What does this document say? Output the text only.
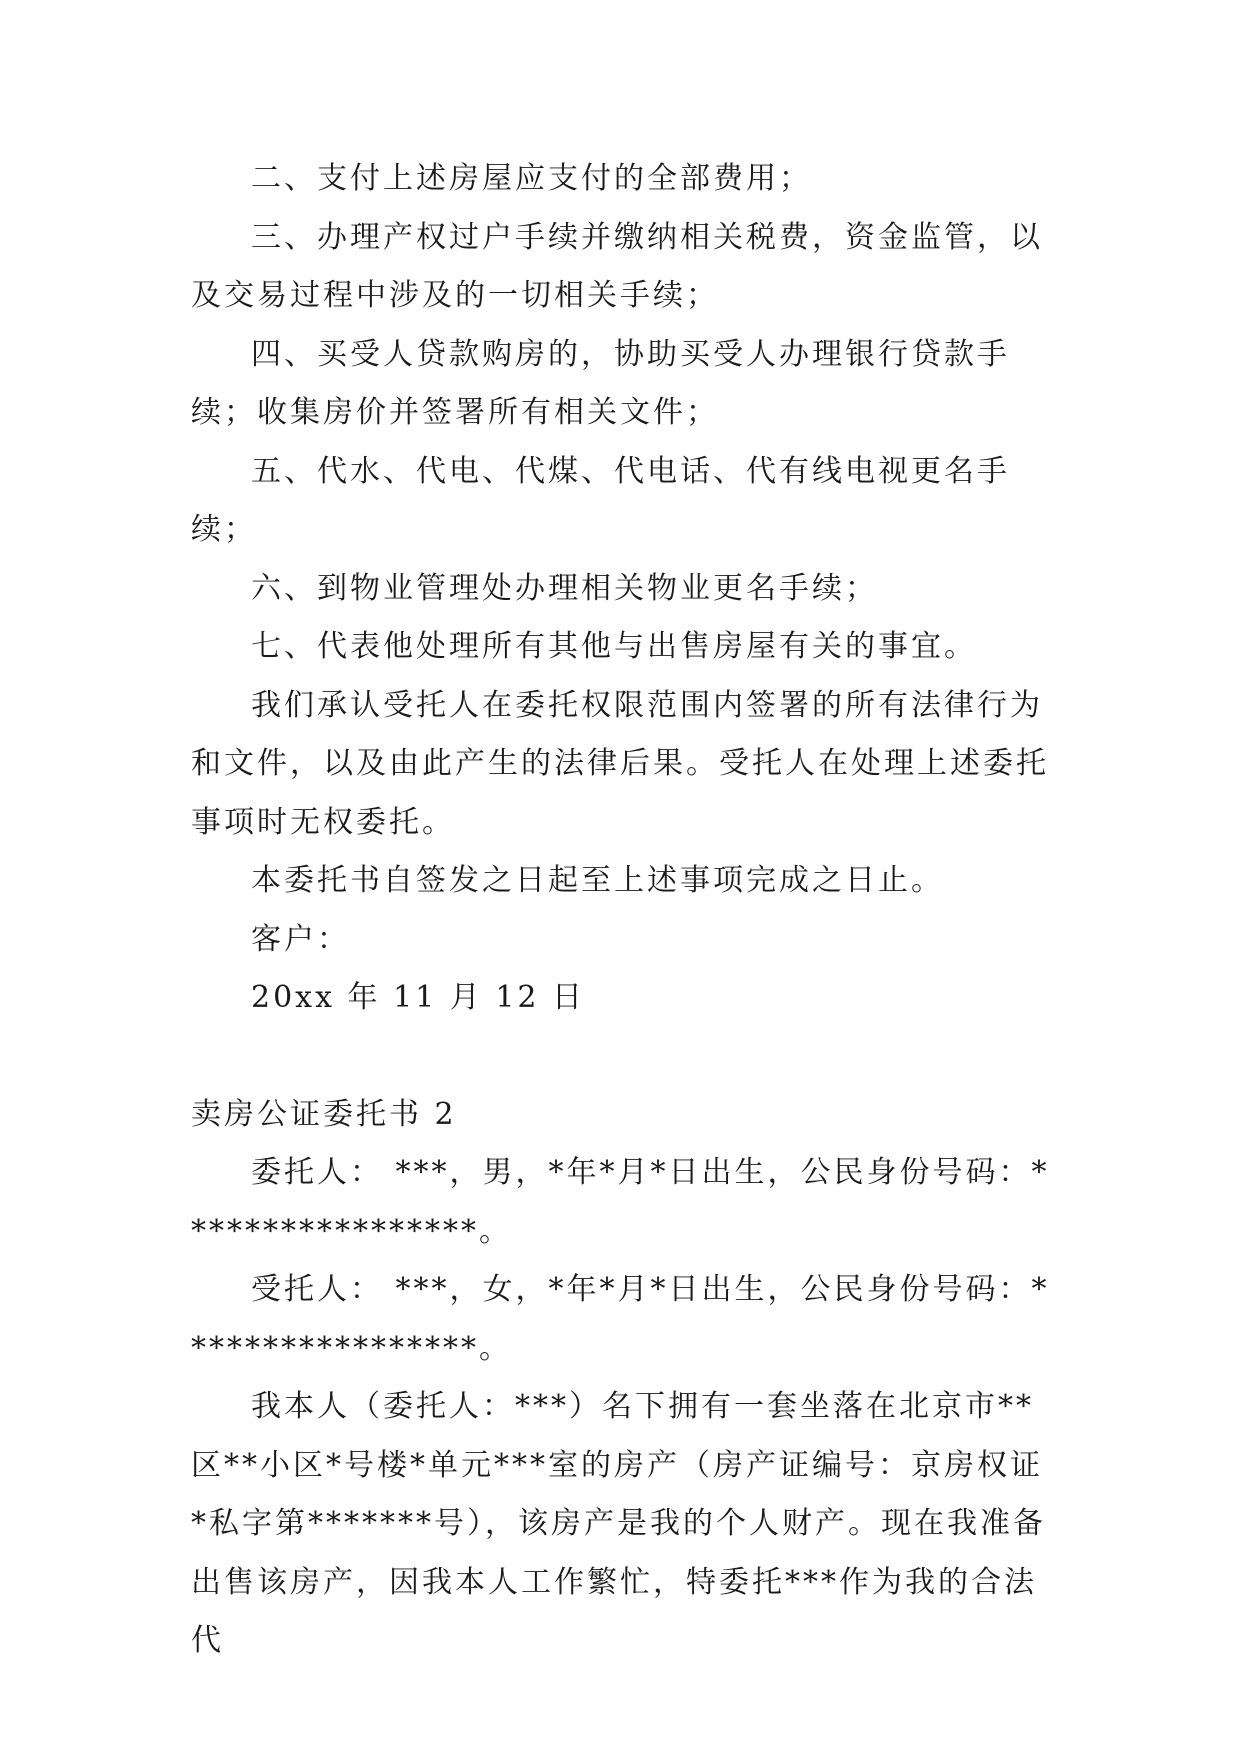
二、支付上述房屋应支付的全部费用；

三、办理产权过户手续并缴纳相关税费，资金监管，以及交易过程中涉及的一切相关手续；

四、买受人贷款购房的，协助买受人办理银行贷款手续；收集房价并签署所有相关文件；

五、代水、代电、代煤、代电话、代有线电视更名手续；

六、到物业管理处办理相关物业更名手续；

七、代表他处理所有其他与出售房屋有关的事宜。

我们承认受托人在委托权限范围内签署的所有法律行为和文件，以及由此产生的法律后果。受托人在处理上述委托事项时无权委托。

本委托书自签发之日起至上述事项完成之日止。

客户：

20xx 年 11 月 12 日

卖房公证委托书 2

委托人： ***，男，*年*月*日出生，公民身份号码：*****************。

受托人： ***，女，*年*月*日出生，公民身份号码：*****************。

我本人（委托人：***）名下拥有一套坐落在北京市**区**小区*号楼*单元***室的房产（房产证编号：京房权证*私字第*******号），该房产是我的个人财产。现在我准备出售该房产，因我本人工作繁忙，特委托***作为我的合法代
